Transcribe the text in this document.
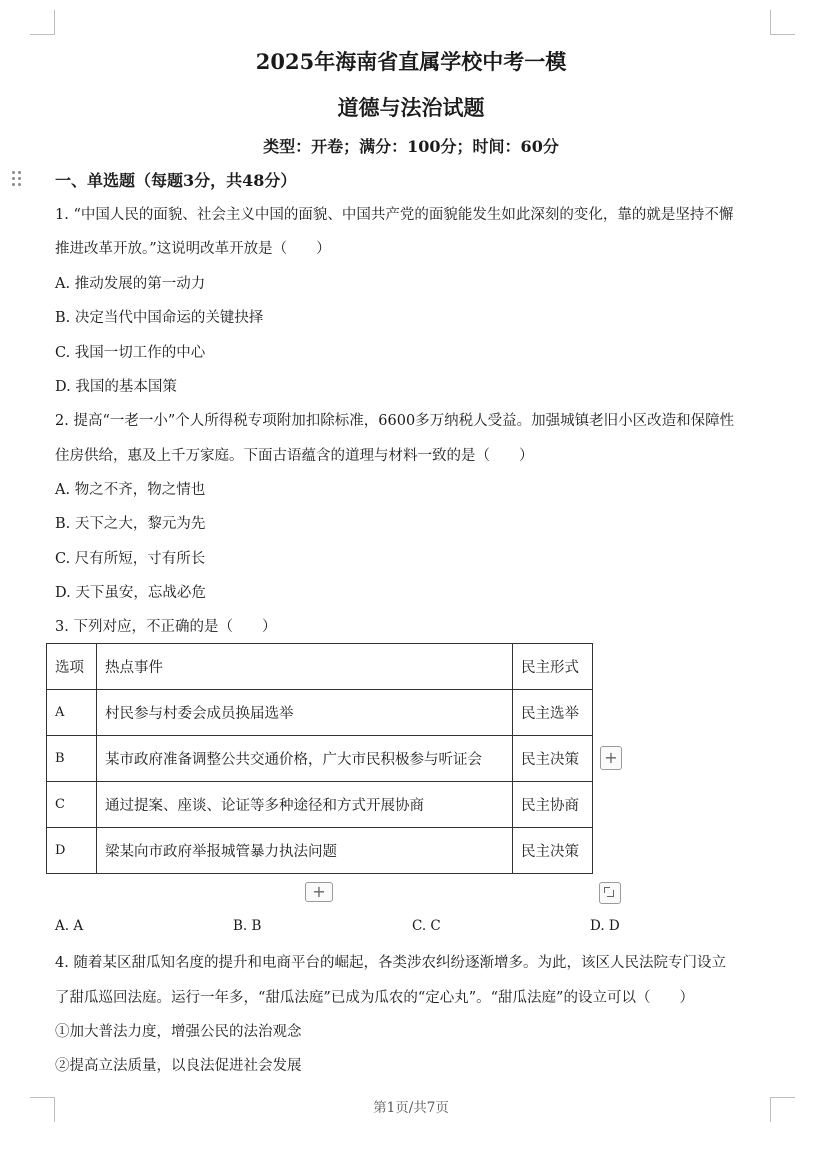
2025年海南省直属学校中考一模
道德与法治试题
类型：开卷；满分：100分；时间：60分
一、单选题（每题3分，共48分）
1. “中国人民的面貌、社会主义中国的面貌、中国共产党的面貌能发生如此深刻的变化，靠的就是坚持不懈
推进改革开放。”这说明改革开放是（　　）
A. 推动发展的第一动力
B. 决定当代中国命运的关键抉择
C. 我国一切工作的中心
D. 我国的基本国策
2. 提高“一老一小”个人所得税专项附加扣除标准，6600多万纳税人受益。加强城镇老旧小区改造和保障性
住房供给，惠及上千万家庭。下面古语蕴含的道理与材料一致的是（　　）
A. 物之不齐，物之情也
B. 天下之大，黎元为先
C. 尺有所短，寸有所长
D. 天下虽安，忘战必危
3. 下列对应，不正确的是（　　）
选项	热点事件	民主形式
A	村民参与村委会成员换届选举	民主选举
B	某市政府准备调整公共交通价格，广大市民积极参与听证会	民主决策
C	通过提案、座谈、论证等多种途径和方式开展协商	民主协商
D	梁某向市政府举报城管暴力执法问题	民主决策
+
+
A. A	B. B	C. C	D. D
4. 随着某区甜瓜知名度的提升和电商平台的崛起，各类涉农纠纷逐渐增多。为此，该区人民法院专门设立
了甜瓜巡回法庭。运行一年多，“甜瓜法庭”已成为瓜农的“定心丸”。“甜瓜法庭”的设立可以（　　）
①加大普法力度，增强公民的法治观念
②提高立法质量，以良法促进社会发展
第1页/共7页
